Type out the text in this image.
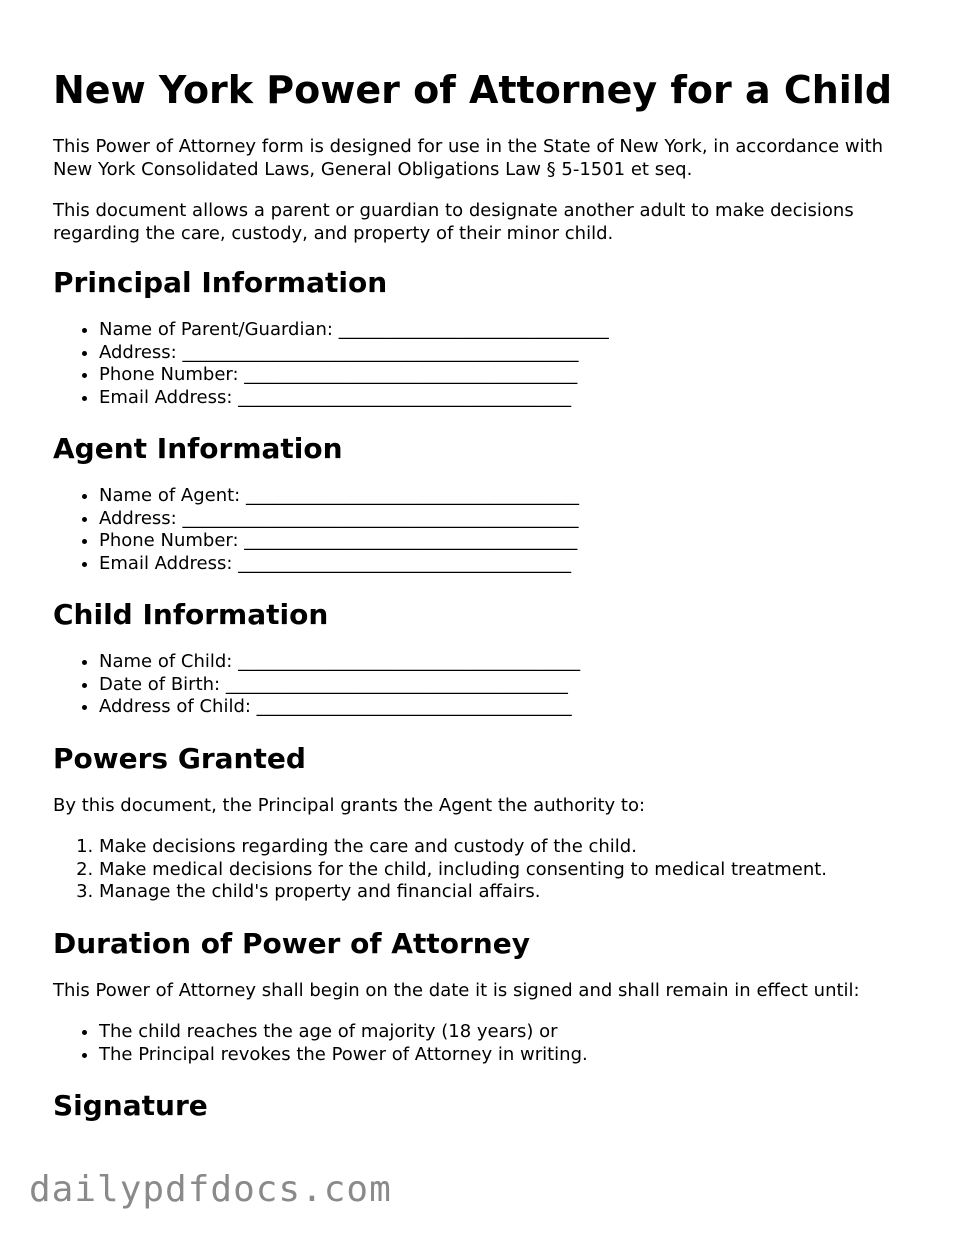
New York Power of Attorney for a Child

This Power of Attorney form is designed for use in the State of New York, in accordance with New York Consolidated Laws, General Obligations Law § 5-1501 et seq.

This document allows a parent or guardian to designate another adult to make decisions regarding the care, custody, and property of their minor child.

Principal Information
• Name of Parent/Guardian: ______________________________
• Address: ____________________________________________
• Phone Number: _____________________________________
• Email Address: _____________________________________
Agent Information
• Name of Agent: _____________________________________
• Address: ____________________________________________
• Phone Number: _____________________________________
• Email Address: _____________________________________
Child Information
• Name of Child: ______________________________________
• Date of Birth: ______________________________________
• Address of Child: ___________________________________
Powers Granted

By this document, the Principal grants the Agent the authority to:

1. Make decisions regarding the care and custody of the child.
2. Make medical decisions for the child, including consenting to medical treatment.
3. Manage the child's property and financial affairs.
Duration of Power of Attorney

This Power of Attorney shall begin on the date it is signed and shall remain in effect until:

• The child reaches the age of majority (18 years) or
• The Principal revokes the Power of Attorney in writing.
Signature
dailypdfdocs.com
